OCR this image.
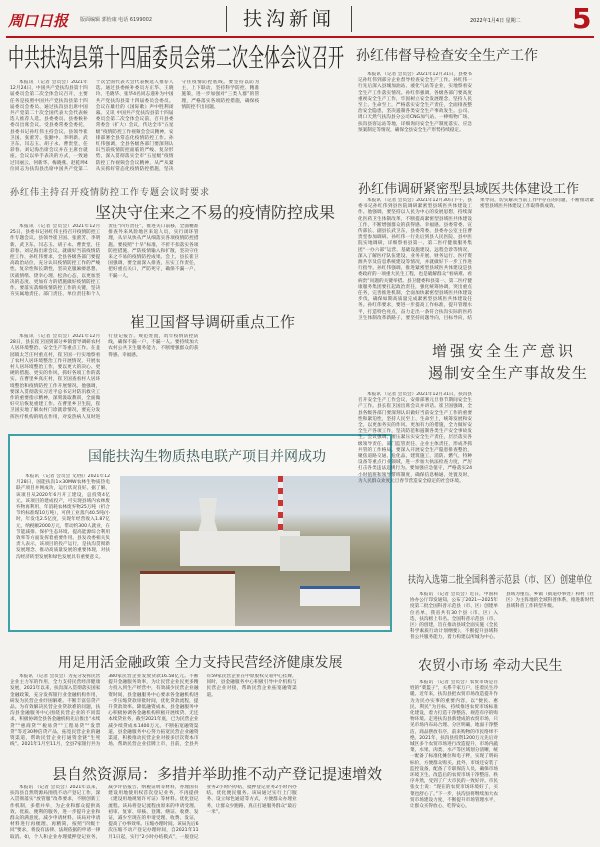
周口日报 版面编辑 郭怡康 电话 6199002	扶沟新闻	2022年1月4日 星期二 5
中共扶沟县第十四届委员会第二次全体会议召开
本报讯 （记者 会员会）2021年12月24日，中国共产党扶沟县第十四届委员会第二次全体会议召开，主要任务是按照中国共产党扶沟县第十四届委员会委员、通过扶沟县出席中国共产党第二十次全国代表大会代表候选人推荐人选。县委委员、县委候补委员出席会议。受县委常委会委托，县委书记孙红伟主持会议。县领导崔卫国、张蕾芳、张勤中、李明新、武卫东、闫志玉、胡子永、曹贵堂、任彩春、刘记海出席会议并在主席台就座。会议以举手表决的方式，一致通过闫丽云、何新华、梅晓燕、赵乾坤4位同志为扶沟县出席中国共产党第二十次全国代表大会代表候选人推荐人选。通过县委候补委员方正华、王晓玲、毛晓华、张华4名同志递补为中国共产党扶沟县第十四届委员会委员。会议在雄壮的《国际歌》声中胜利闭幕。又讯 中国共产党扶沟县第十四届委员会第二次全体会议前，召开县委常委会（扩大）会议，传达全市“五星级”疫情防控工作视频会会议精神，安排部署全县常态化疫情防控工作。孙红伟强调，全县各级各部门要深刻认识当前疫情防控面临的严峻、复杂形势，深入贯彻落实全市“五星级”疫情防控工作视频会会议精神，从严从紧从实抓好常态化疫情防控措施，坚决守住疫情防控底线。要坚持以防为主，上下联动，坚持科学防控、精准施策，进一步加强对“三类人群”的管理，严格落实各项防控措施，确保疫情防控不出问题。
孙红伟主持召开疫情防控工作专题会议时要求
坚决守住来之不易的疫情防控成果
本报讯 （记者 会员会）2021年12月25日，县委书记孙红伟主持召开疫情防控工作专题会议。县领导崔卫国、张蕾芳、李明新、武卫东、闫志玉、胡子永、曹贵堂、任彩春、刘记海出席会议。就做好当前疫情防控工作，孙红伟要求，全县各级各部门要提高政治站位，充分认识疫情防控工作的严峻性、复杂性和长期性，坚决克服麻痹思想、厌战情绪、侥幸心理、松劲心态，以更加坚决的态度、更加有力的措施做好疫情防控工作。要落实落细疫情防控工作的关键，坚决夯实属地责任、部门责任、单位责任和个人责任“四方责任”，推进关口前移，全面精准排查外来风险地区来返人员，实行闭环管理，从早从快从严从细落实各项疫情防控措施。要按照“十早”标准，不折不扣落实各项防控措施，严防疫情输入和扩散，坚决守住来之不易的疫情防控成果。会上，县长崔卫国强调，要全面深入排查，压实工作责任，把好重点关口，严防死守，确保不漏一户、不漏一人。
崔卫国督导调研重点工作
本报讯 （记者 会员会）2021年12月28日，县长崔卫国到部分乡镇督导调研农村人居环境整治、安全生产等重点工作。在韭园镇太芝庄村重点村，崔卫国一行实地察看了农村人居环境整治工作开展情况，开展农村人居环境整治工作，要以更大的决心、更硬的措施、更实的作风，抓好各项工作的落实。在曹里乡真庄村，崔卫国查看村人居环境整治和疫情防控工作开展情况。他强调，要深入贯彻落实习近平总书记对防汛救灾工作的重要指示精神，深刻汲取教训，全面做好灾后恢复重建工作。在曹里乡卫生院，崔卫国实地了解农村门诊就诊情况，要充分发挥医疗机构的哨点作用，对发热病人及时进行登记报告、规范处置，筑牢疫情防控防线，确保不漏一户、不漏一人。要持续加大农村公共卫生服务能力，不断增强群众的获得感、幸福感。
国能扶沟生物质热电联产项目并网成功
本报讯 （记者 会员会 文/图）2021年12月28日，国能扶沟1×30MW农林生物质热电联产项目并网成功，运行状况良好。据了解，该项目从2020年6月开工建设，总投资4亿元。该项目的建成投产，可实现县域内农林废弃物再利用，年消耗农林废弃物25万吨（折合节约标准煤10万吨），可供工业蒸汽40.5吨/小时，年发电2.5亿度，实现年经营收入1.87亿元，纳税额2000万元，带动约300人就业，在节能减排、保护生态环境、提高能源综合利用效率等方面发挥着重要作用。县发改委相关负责人表示，该项目的投产运行，是扶沟贯彻新发展理念、推动高质量发展的重要体现，对扶沟经济转型发展和绿色发展具有重要意义。
用足用活金融政策 全力支持民营经济健康发展
本报讯 （记者 会员会）为充分发挥民营企业主力军的作用，全力支持民营经济健康发展，2021年以来，扶沟深入贯彻落实国家金融政策，充分发挥银行业金融机构作用，研发为民营企业纾困解难。不断丰富信贷产品。为有效解决民营企业贷款难的问题，扶沟县金融服务中心围绕民营企业的不同需求，积极协调全县各金融机构先后推出“永续贷”“惠商贷”“税易贷”“工程易贷”“发票贷”等近30种信贷产品，拓宽民营企业的融资渠道，帮助民营企业打通资金链“生死线”。2021年1月至11月，全县7家银行共为380家民营企业发放贷款16.58亿元。不断提升金融服务效率，为让民营企业民更多精力投入到生产经营中，有效减少民营企业融资时间，县金融服务中心要求各金融机构进一步压缩贷款审批时间，优化贷款流程，提升贷款效率。降低融资成本，县金融服务中心积极协调各金融机构积极开展续贷、无还本续贷业务，截至2021年底，已为民营企业减少续贷成本1400万元。不断拓宽融资渠道，县金融服务中心努力拓宽民营企业融资渠道，积极推动民营企业对接多层次资本市场，帮助民营企业挂牌上市，目前，全县共有59家民营企业在中原股权交易中心挂牌，同时，县金融服务中心积极引导中介机构与民营企业对接，帮助民营企业拓宽融资渠道。
县自然资源局：多措并举助推不动产登记提速增效
本报讯 （记者 会员会）2021年以来，扶沟县自然资源局围绕不动产登记工作，深入贯彻落实“放管服”改革要求，不断创新工作机制，多措并举，为企业和群众提供高效、优质、便利的服务，进一步提升企业和群众的满意度。减少申请材料。该局对申请材料进行再梳理、再精简，按照“四级十同”要求，将没有法律、法规依据的申请一律取消。如，个人和企业办理抵押登记业务，减少评估报告、纳税证明等材料，办理国有建设用地使用权首次登记业务，不再提供《建设用地规划许可证》等材料。优化登记流程。该局将登记流程由原来的申请受理、初审、复审、审核、登簿、缮证、收费、发证，减少至现在的申请受理、收费、发证，提高了办事效率。压缩办理时间。该局先后6次压缩不动产登记办理时间，自2021年11月1日起，实行“2小时办结模式”，一般登记业务2小时内办结，抵押登记业务2小时内办结。优化便民服务。该局通过实行上门服务、设立绿色通道等方式，方便群众办理业务，让群众少跑路，真正打通服务群众“最后一米”。
孙红伟督导检查安全生产工作
本报讯 （记者 会员会）2021年12月31日，县委书记孙红伟到部分企业督导检查安全生产工作。孙红伟一行先后深入县城加油站、液化气站等企业，实地察看安全生产工作落实情况。孙红伟强调，各级各部门要高度重视安全生产工作，牢固树立安全发展理念，坚持人民至上、生命至上，严格落实安全生产责任，全面排查整治安全隐患，坚决遏制各类安全生产事故发生。公司、周口天然气扶沟县分公司CNG加气站、一棒购物广场、扶沟县客运站等地，详细询问安全生产制度落实、应急预案制定等情况，确保全县安全生产形势持续稳定。
孙红伟调研紧密型县域医共体建设工作
本报讯 （记者 会员会）2021年12月30日下午，县委书记孙红伟到县医院调研紧密型县域医共体建设工作。他强调，要坚持以人民为中心的发展思想，持续深化医药卫生体制改革，不断提高紧密型县域医共体建设工作，不断增强群众的获得感、幸福感。县委常委、宣传部长、副县长武卫东，县委常委、县委办公室主任曹贵堂参加调研。孙红伟一行先后到县人民医院、县中医院实地调研，详细察看县第一、第二医疗健康服务集团“一办六部”运营、基础设施建设、远程会诊等情况，深入了解医疗队伍建设、业务开展、财务运行、医疗资源共享及信息系统建设等情况，并就做好下一步工作进行指导。孙红伟强调，推进紧密型县域医共体建设是县委政府的一项重大民生工程，也是破解群众“看病难、看病贵”问题的关键举措。县卫健委和县第一、第二医疗健康服务集团要扛起政治责任，强化统筹协调，突出重点任务，完善推进机制，全面加快紧密型县域医共体建设步伐，确保如期高质量完成紧密型县域医共体建设任务。孙红伟要求，要进一步提高工作标准，提升管理水平，打造特色亮点，奋力走出一条符合扶沟实际的医药卫生体制改革新路子，要坚持问题导向，目标导向，结果导向，切实解决当前工作中存在的问题，不断推动紧密型县域医共体建设工作取得新成效。
增强安全生产意识
遏制安全生产事故发生
本报讯 （记者 会员会）2021年12月31日，扶沟县召开安全生产工作会议，安排部署元旦春节期间安全生产工作。县长崔卫国出席会议并讲话。崔卫国强调，全县各级各部门要深刻认识做好当前安全生产工作的重要性和紧迫性，坚持人民至上、生命至上，统筹发展和安全，以更加务实的作风、更加有力的措施，全力做好安全生产各项工作，坚决防范和遏制各类生产安全事故发生。会议强调，要压紧压实安全生产责任，层层落实各级领导责任、部门监管责任、企业主体责任，形成齐抓共管的工作格局。要深入开展安全生产隐患排查整治，聚焦道路交通、危化品、建筑施工、消防、燃气、特种设备等重点行业领域，进一步加大执法检查力度，严厉打击各类违法违规行为。要加强应急值守，严格落实24小时值班和领导带班制度，确保信息畅通、处置及时，为人民群众欢度元旦春节营造安全稳定的社会环境。
扶沟入选第二批全国科普示范县（市、区）创建单位
本报讯 （记者 会员会）近日，中国科协办公厅印发通知，公布了2021—2025年度第二批全国科普示范县（市、区）创建单位名单，我省共有30个县（市、区）入选，扶沟榜上有名。全国科普示范县（市、区）的创建，旨在推动县域全面实施《全民科学素质行动计划纲要》，不断提升县域科普公共服务能力，着力构建以所城为中心、县域为重点、乡镇（街道办事处）和村（社区）为主阵地的全域科普体系，推进新时代县域科普工作转型升级。
农贸小市场 牵动大民生
本报讯 （记者 会员会）农贸市场是百姓的“菜篮子”，关系千家万户，连着民生冷暖。近年来，扶沟县把农贸市场改造提升作为为民办实事的重要内容，以“便民、惠民、利民”为目标，持续推进农贸市场标准化建设，着力打造干净整洁、规范有序的购物环境。走进扶沟县新建成的农贸市场，只见市场内布局合理、分区明确，地面干净整洁，商品摆放有序，前来购物的市民络绎不绝。2021年，扶沟县投资1200万元先后对城区多个农贸市场进行改造提升，市场内蔬菜、水果、肉类、水产等区域划分清晰，统一配备了标准化摊位和电子秤，实现了明码标价，方便群众购买。此外，市场还安装了监控设备，配备了专职保洁人员，确保市场环境卫生。改造后的农贸市场干净整洁、秩序井然，受到了广大市民的一致好评。市民张女士说：“现在的农贸市场环境好了，买菜也舒心了。”下一步，扶沟县将继续加大农贸市场建设力度，不断提升市场管理水平，让群众买得放心、吃得安心。
